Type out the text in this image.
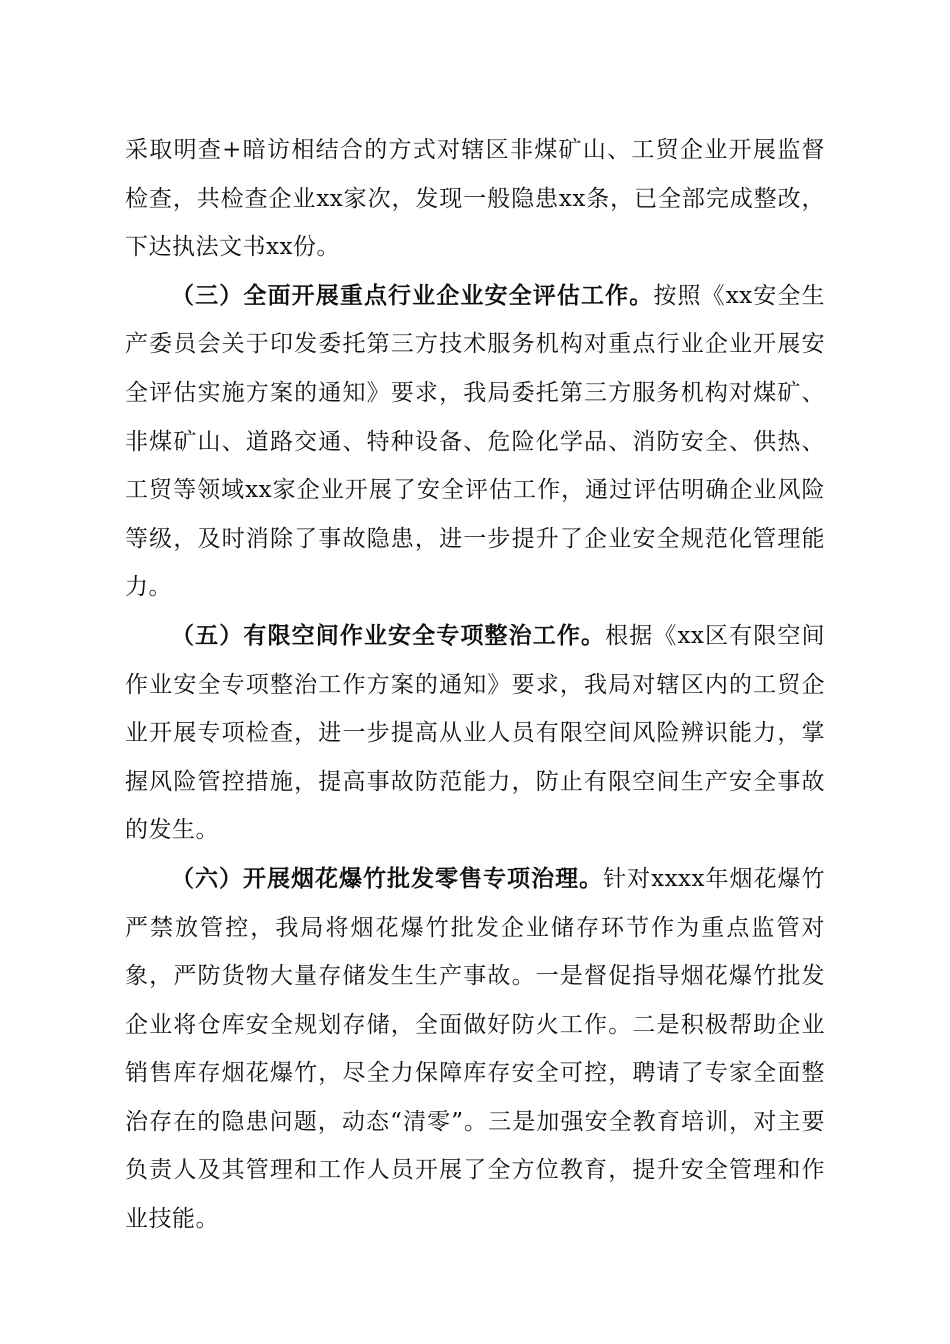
采取明查+暗访相结合的方式对辖区非煤矿山、工贸企业开展监督检查，共检查企业xx家次，发现一般隐患xx条，已全部完成整改，下达执法文书xx份。

（三）全面开展重点行业企业安全评估工作。按照《xx安全生产委员会关于印发委托第三方技术服务机构对重点行业企业开展安全评估实施方案的通知》要求，我局委托第三方服务机构对煤矿、非煤矿山、道路交通、特种设备、危险化学品、消防安全、供热、工贸等领域xx家企业开展了安全评估工作，通过评估明确企业风险等级，及时消除了事故隐患，进一步提升了企业安全规范化管理能力。

（五）有限空间作业安全专项整治工作。根据《xx区有限空间作业安全专项整治工作方案的通知》要求，我局对辖区内的工贸企业开展专项检查，进一步提高从业人员有限空间风险辨识能力，掌握风险管控措施，提高事故防范能力，防止有限空间生产安全事故的发生。

（六）开展烟花爆竹批发零售专项治理。针对xxxx年烟花爆竹严禁放管控，我局将烟花爆竹批发企业储存环节作为重点监管对象，严防货物大量存储发生生产事故。一是督促指导烟花爆竹批发企业将仓库安全规划存储，全面做好防火工作。二是积极帮助企业销售库存烟花爆竹，尽全力保障库存安全可控，聘请了专家全面整治存在的隐患问题，动态“清零”。三是加强安全教育培训，对主要负责人及其管理和工作人员开展了全方位教育，提升安全管理和作业技能。
